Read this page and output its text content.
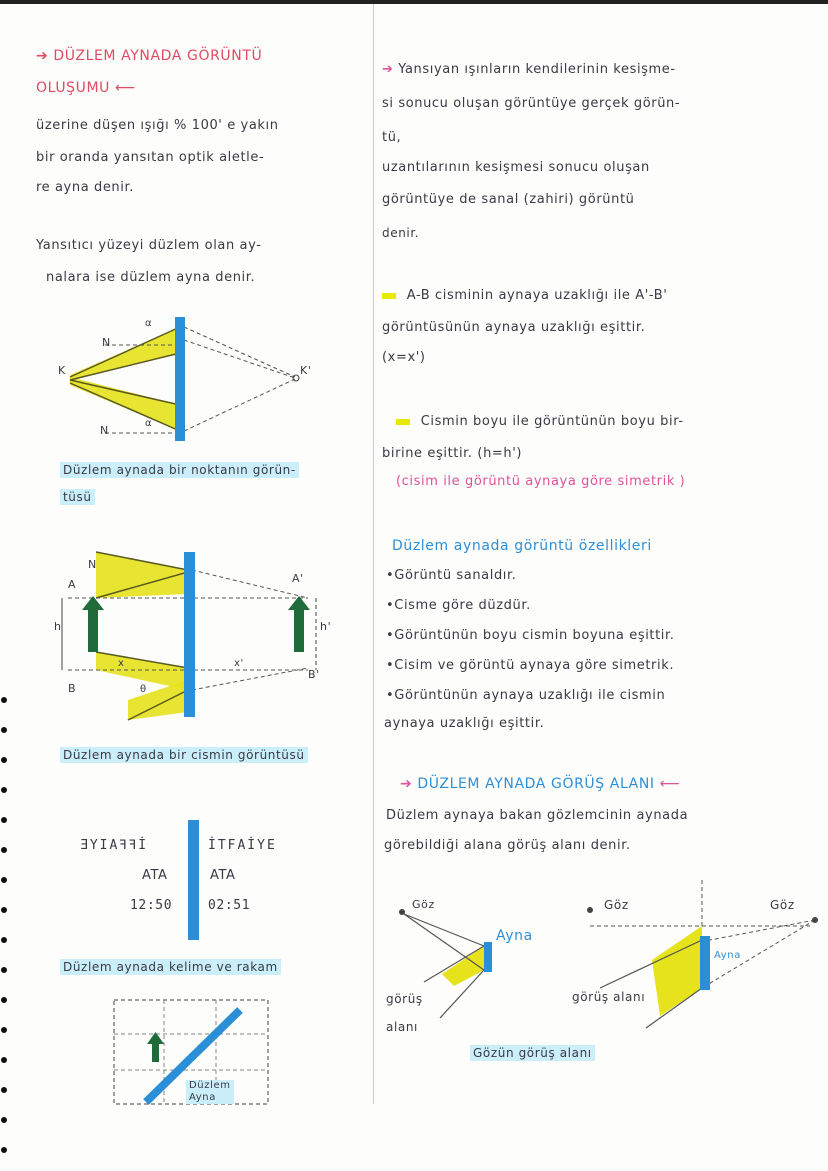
➔ DÜZLEM AYNADA GÖRÜNTÜ
OLUŞUMU ⟵
üzerine düşen ışığı % 100' e yakın
bir oranda yansıtan optik aletle-
re ayna denir.
Yansıtıcı yüzeyi düzlem olan ay-
nalara ise düzlem ayna denir.
N
N
K	K'
α
α
Düzlem aynada bir noktanın görün-
tüsü
N
A	A'
B
B'
h	h'
x	x'
θ
Düzlem aynada bir cismin görüntüsü
ƎYIAꟻꟻİ	İTFAİYE
ATA	ATA
12:50	02:51
Düzlem aynada kelime ve rakam
Düzlem
Ayna
➔ Yansıyan ışınların kendilerinin kesişme-
si sonucu oluşan görüntüye gerçek görün-
tü,
uzantılarının kesişmesi sonucu oluşan
görüntüye de sanal (zahiri) görüntü
denir.
A-B cisminin aynaya uzaklığı ile A'-B'
görüntüsünün aynaya uzaklığı eşittir.
(x=x')
Cismin boyu ile görüntünün boyu bir-
birine eşittir. (h=h')
(cisim ile görüntü aynaya göre simetrik )
Düzlem aynada görüntü özellikleri
•Görüntü sanaldır.
•Cisme göre düzdür.
•Görüntünün boyu cismin boyuna eşittir.
•Cisim ve görüntü aynaya göre simetrik.
•Görüntünün aynaya uzaklığı ile cismin
aynaya uzaklığı eşittir.
➔ DÜZLEM AYNADA GÖRÜŞ ALANI ⟵
Düzlem aynaya bakan gözlemcinin aynada
görebildiği alana görüş alanı denir.
Göz
Ayna
görüş
alanı
Göz	Göz
Ayna
görüş alanı
Gözün görüş alanı
